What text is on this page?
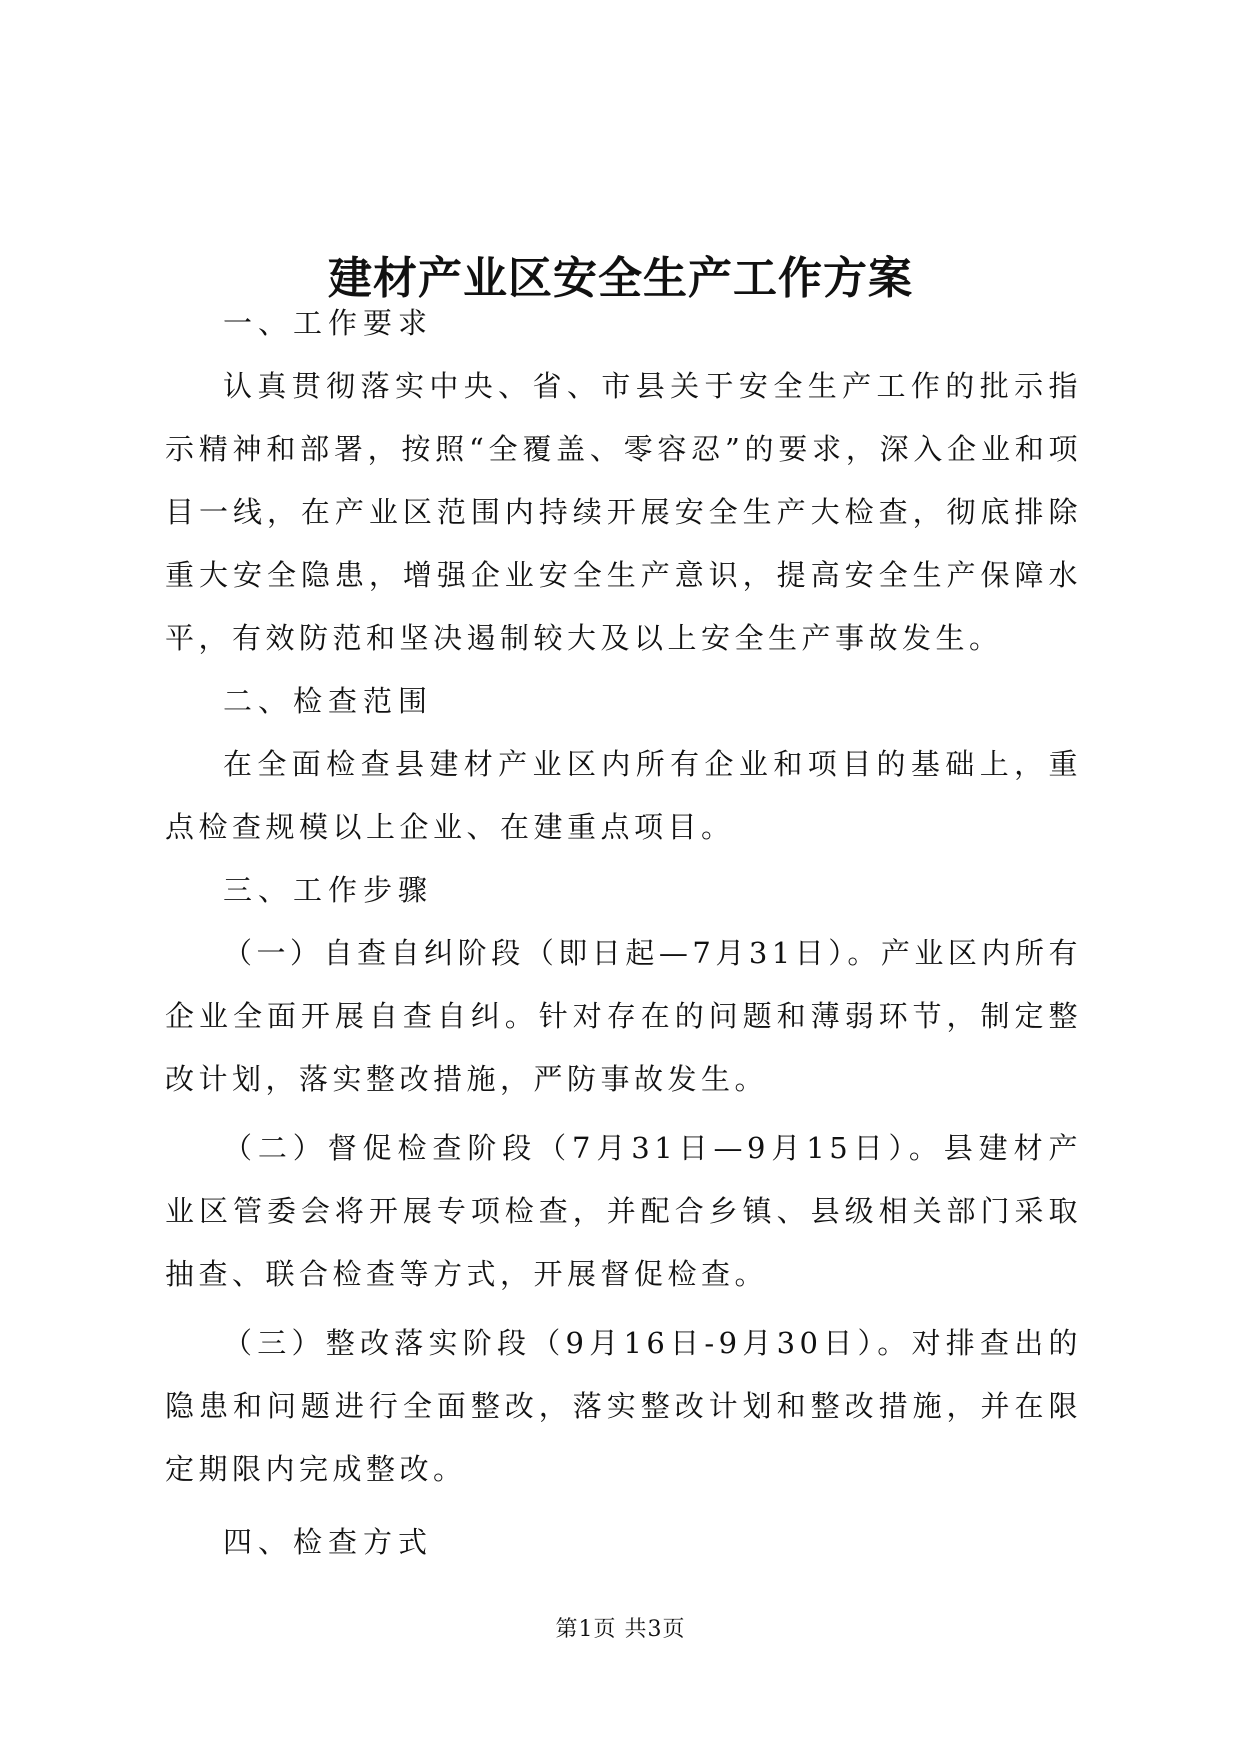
建材产业区安全生产工作方案

一、工作要求

认真贯彻落实中央、省、市县关于安全生产工作的批示指示精神和部署，按照“全覆盖、零容忍”的要求，深入企业和项目一线，在产业区范围内持续开展安全生产大检查，彻底排除重大安全隐患，增强企业安全生产意识，提高安全生产保障水平，有效防范和坚决遏制较大及以上安全生产事故发生。

二、检查范围

在全面检查县建材产业区内所有企业和项目的基础上，重点检查规模以上企业、在建重点项目。

三、工作步骤

（一）自查自纠阶段（即日起—7月31日）。产业区内所有企业全面开展自查自纠。针对存在的问题和薄弱环节，制定整改计划，落实整改措施，严防事故发生。

（二）督促检查阶段（7月31日—9月15日）。县建材产业区管委会将开展专项检查，并配合乡镇、县级相关部门采取抽查、联合检查等方式，开展督促检查。

（三）整改落实阶段（9月16日-9月30日）。对排查出的隐患和问题进行全面整改，落实整改计划和整改措施，并在限定期限内完成整改。

四、检查方式

第1页 共3页
